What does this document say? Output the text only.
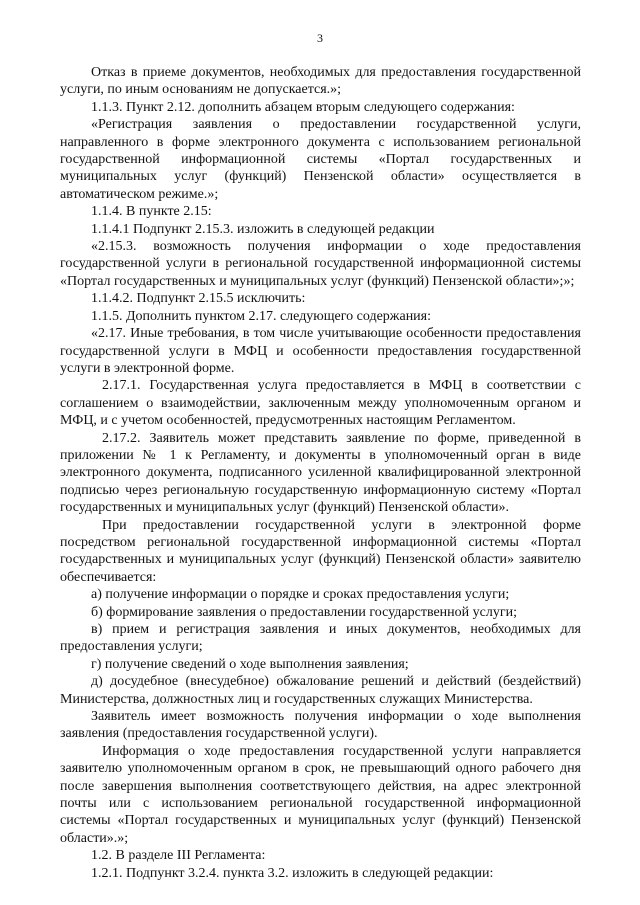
3

Отказ в приеме документов, необходимых для предоставления государственной услуги, по иным основаниям не допускается.»;

1.1.3. Пункт 2.12. дополнить абзацем вторым следующего содержания:

«Регистрация заявления о предоставлении государственной услуги, направленного в форме электронного документа с использованием региональной государственной информационной системы «Портал государственных и муниципальных услуг (функций) Пензенской области» осуществляется в автоматическом режиме.»;

1.1.4. В пункте 2.15:

1.1.4.1 Подпункт 2.15.3. изложить в следующей редакции

«2.15.3. возможность получения информации о ходе предоставления государственной услуги в региональной государственной информационной системы «Портал государственных и муниципальных услуг (функций) Пензенской области»;»;

1.1.4.2. Подпункт 2.15.5 исключить:

1.1.5. Дополнить пунктом 2.17. следующего содержания:

«2.17. Иные требования, в том числе учитывающие особенности предоставления государственной услуги в МФЦ и особенности предоставления государственной услуги в электронной форме.

2.17.1. Государственная услуга предоставляется в МФЦ в соответствии с соглашением о взаимодействии, заключенным между уполномоченным органом и МФЦ, и с учетом особенностей, предусмотренных настоящим Регламентом.

2.17.2. Заявитель может представить заявление по форме, приведенной в приложении № 1 к Регламенту, и документы в уполномоченный орган в виде электронного документа, подписанного усиленной квалифицированной электронной подписью через региональную государственную информационную систему «Портал государственных и муниципальных услуг (функций) Пензенской области».

При предоставлении государственной услуги в электронной форме посредством региональной государственной информационной системы «Портал государственных и муниципальных услуг (функций) Пензенской области» заявителю обеспечивается:

а) получение информации о порядке и сроках предоставления услуги;

б) формирование заявления о предоставлении государственной услуги;

в) прием и регистрация заявления и иных документов, необходимых для предоставления услуги;

г) получение сведений о ходе выполнения заявления;

д) досудебное (внесудебное) обжалование решений и действий (бездействий) Министерства, должностных лиц и государственных служащих Министерства.

Заявитель имеет возможность получения информации о ходе выполнения заявления (предоставления государственной услуги).

Информация о ходе предоставления государственной услуги направляется заявителю уполномоченным органом в срок, не превышающий одного рабочего дня после завершения выполнения соответствующего действия, на адрес электронной почты или с использованием региональной государственной информационной системы «Портал государственных и муниципальных услуг (функций) Пензенской области».»;

1.2. В разделе III Регламента:

1.2.1. Подпункт 3.2.4. пункта 3.2. изложить в следующей редакции:
